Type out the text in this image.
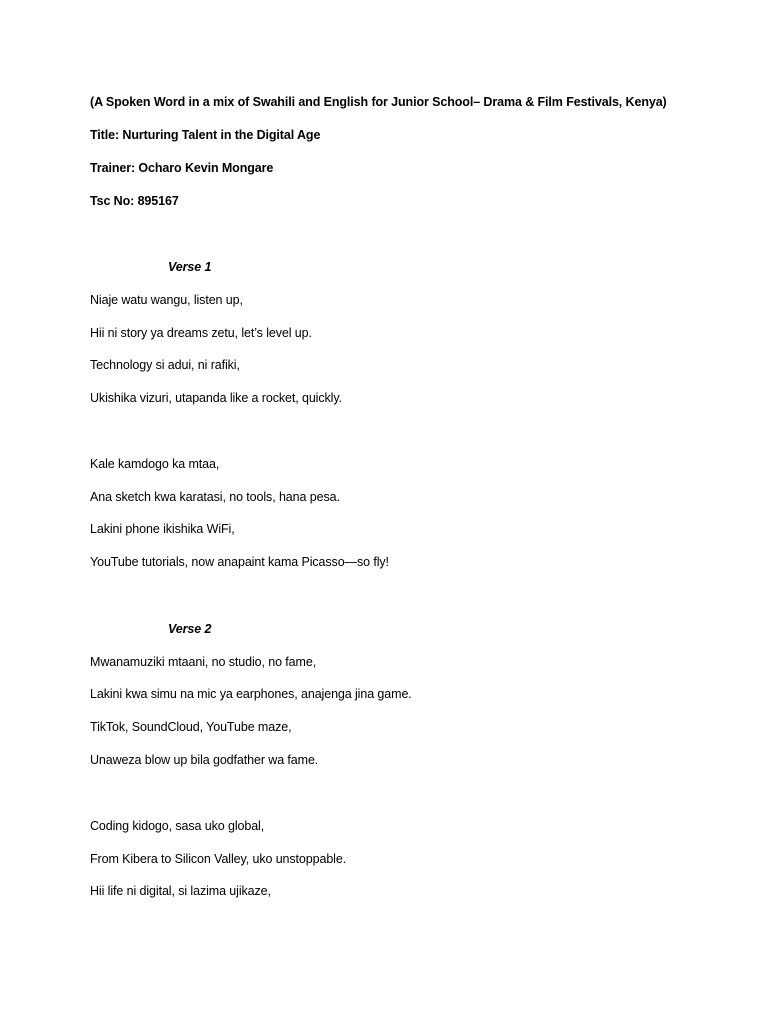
(A Spoken Word in a mix of Swahili and English for Junior School– Drama & Film Festivals, Kenya)
Title: Nurturing Talent in the Digital Age
Trainer: Ocharo Kevin Mongare
Tsc No: 895167
Verse 1
Niaje watu wangu, listen up,
Hii ni story ya dreams zetu, let’s level up.
Technology si adui, ni rafiki,
Ukishika vizuri, utapanda like a rocket, quickly.
Kale kamdogo ka mtaa,
Ana sketch kwa karatasi, no tools, hana pesa.
Lakini phone ikishika WiFi,
YouTube tutorials, now anapaint kama Picasso—so fly!
Verse 2
Mwanamuziki mtaani, no studio, no fame,
Lakini kwa simu na mic ya earphones, anajenga jina game.
TikTok, SoundCloud, YouTube maze,
Unaweza blow up bila godfather wa fame.
Coding kidogo, sasa uko global,
From Kibera to Silicon Valley, uko unstoppable.
Hii life ni digital, si lazima ujikaze,
